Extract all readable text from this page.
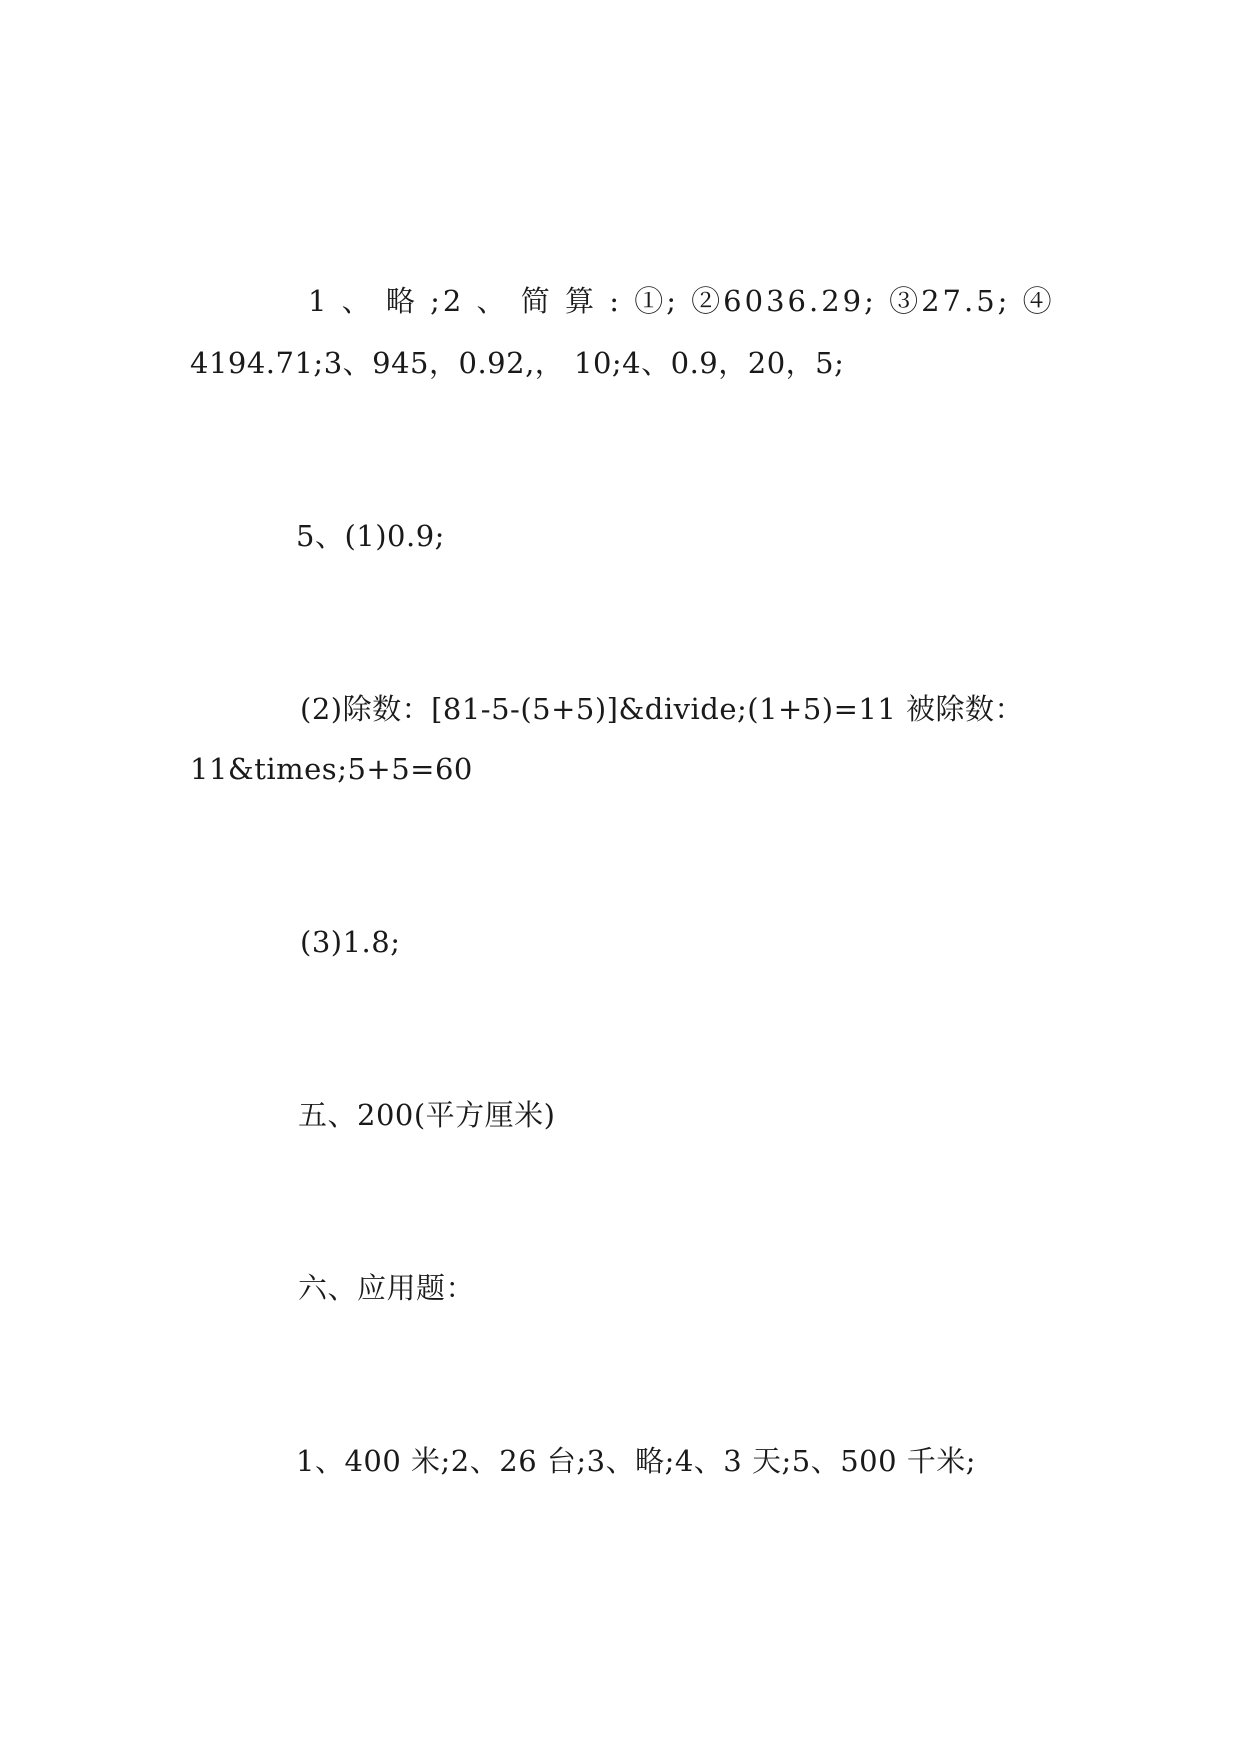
1 、 略 ;2 、 简 算 : ①; ②6036.29; ③27.5; ④
4194.71;3、945，0.92,， 10;4、0.9，20，5;
5、(1)0.9;
(2)除数：[81-5-(5+5)]&divide;(1+5)=11 被除数：
11&times;5+5=60
(3)1.8;
五、200(平方厘米)
六、应用题：
1、400 米;2、26 台;3、略;4、3 天;5、500 千米;
